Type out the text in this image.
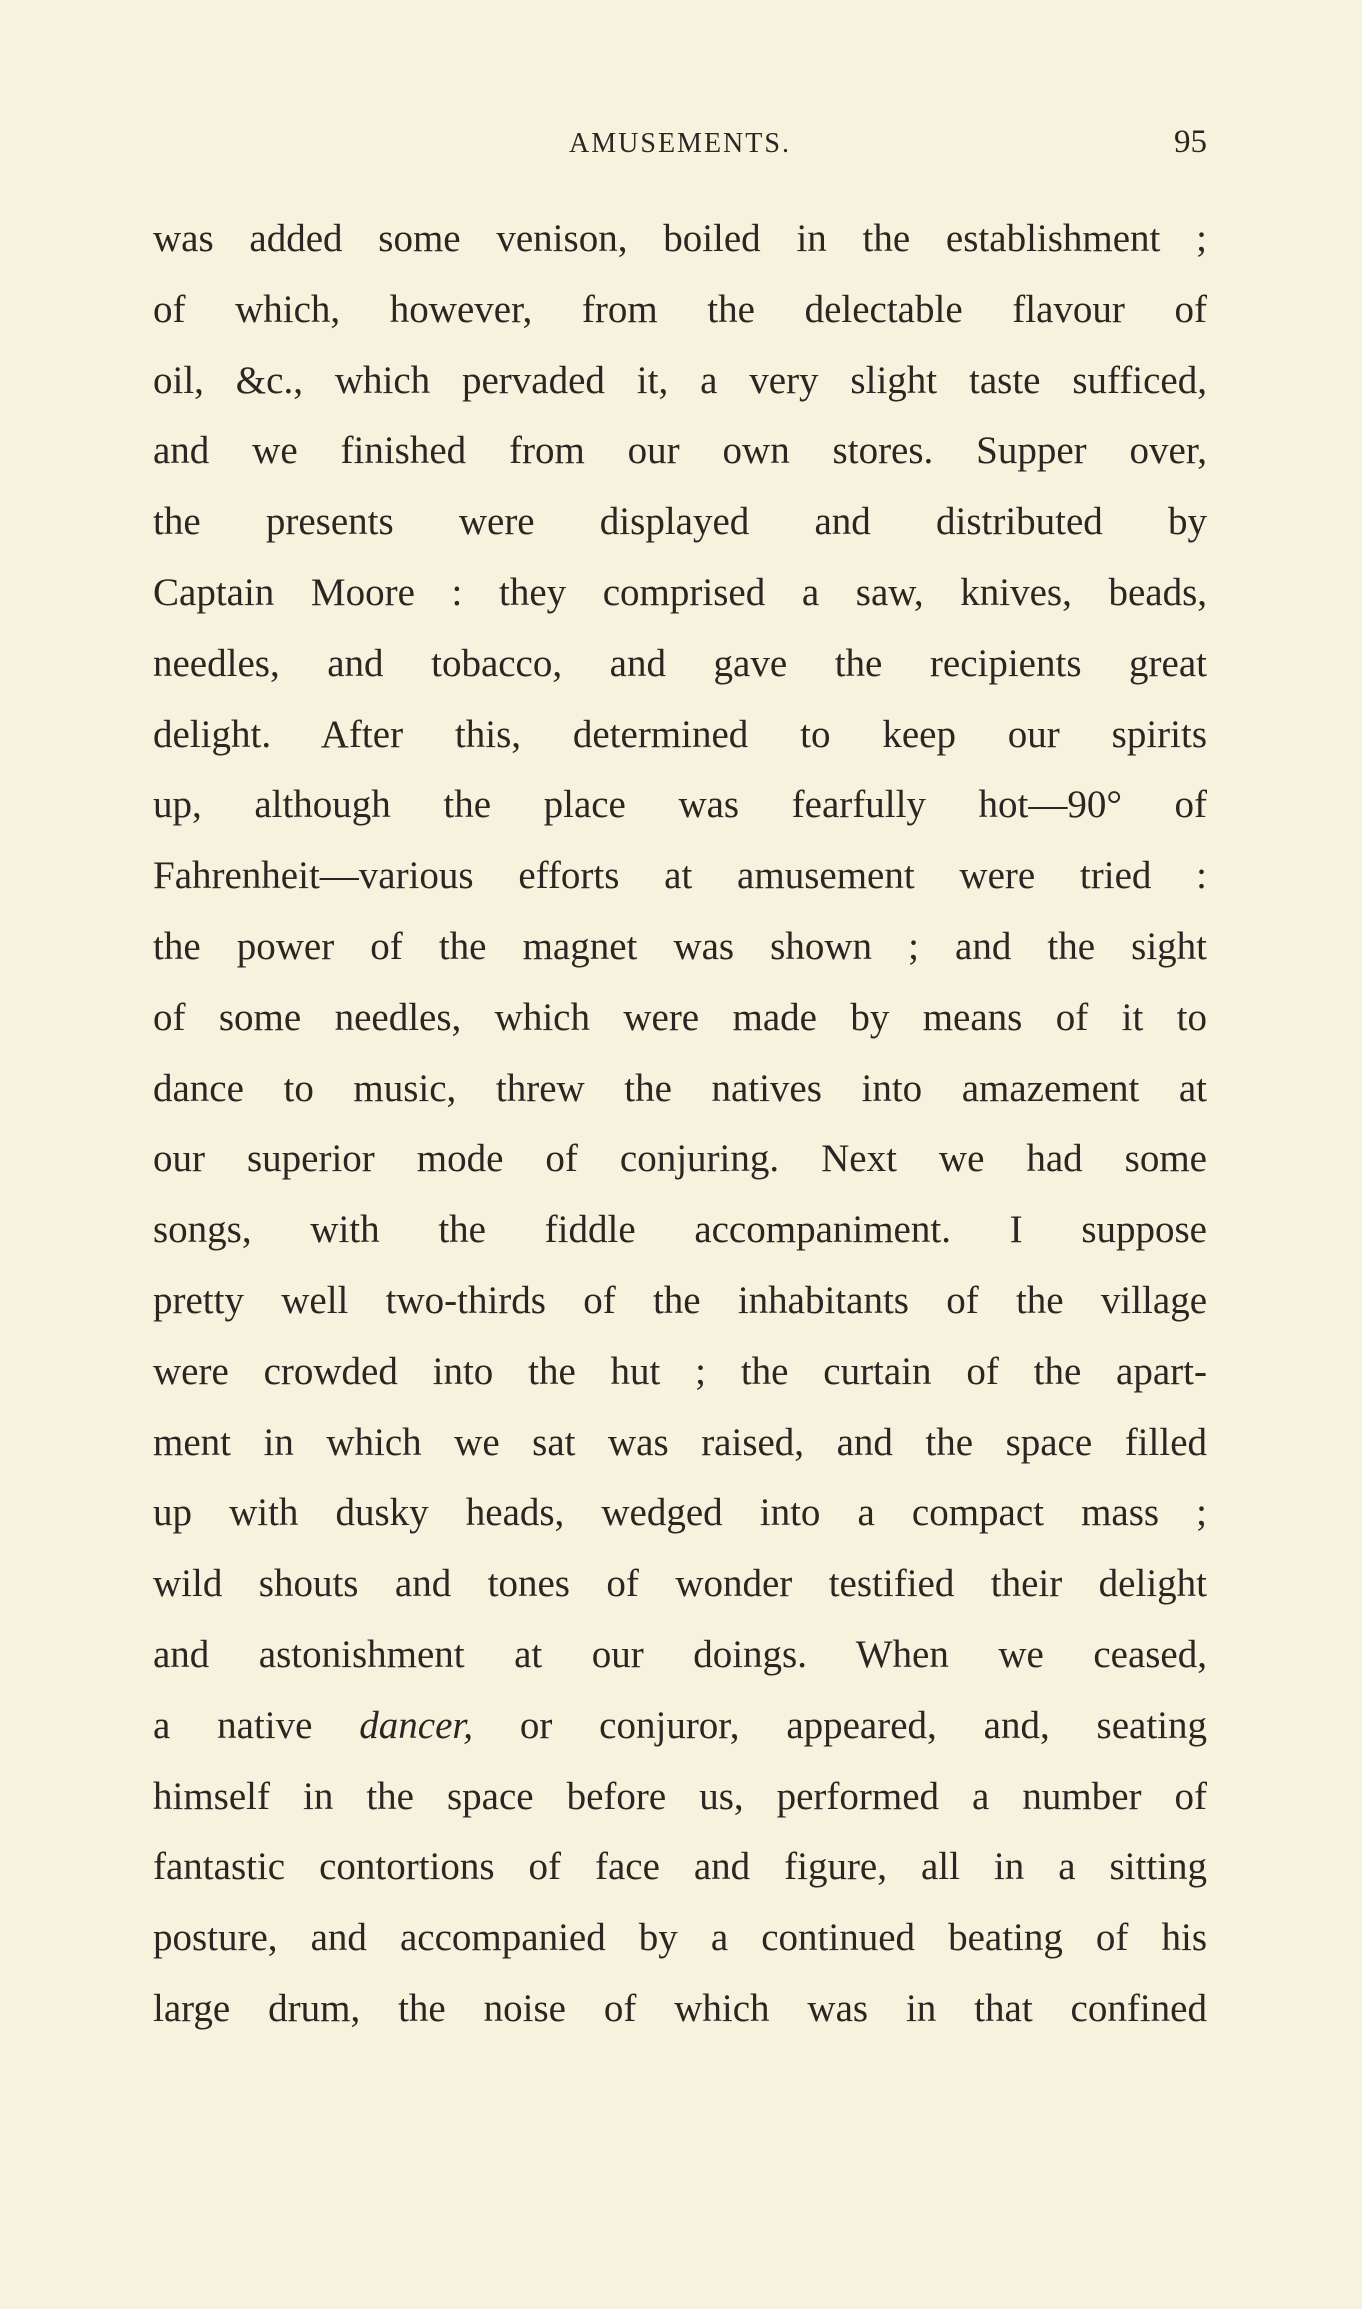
AMUSEMENTS.	95
was added some venison, boiled in the establishment ;
of which, however, from the delectable flavour of
oil, &c., which pervaded it, a very slight taste sufficed,
and we finished from our own stores. Supper over,
the presents were displayed and distributed by
Captain Moore : they comprised a saw, knives, beads,
needles, and tobacco, and gave the recipients great
delight. After this, determined to keep our spirits
up, although the place was fearfully hot—90° of
Fahrenheit—various efforts at amusement were tried :
the power of the magnet was shown ; and the sight
of some needles, which were made by means of it to
dance to music, threw the natives into amazement at
our superior mode of conjuring. Next we had some
songs, with the fiddle accompaniment. I suppose
pretty well two-thirds of the inhabitants of the village
were crowded into the hut ; the curtain of the apart-
ment in which we sat was raised, and the space filled
up with dusky heads, wedged into a compact mass ;
wild shouts and tones of wonder testified their delight
and astonishment at our doings. When we ceased,
a native dancer, or conjuror, appeared, and, seating
himself in the space before us, performed a number of
fantastic contortions of face and figure, all in a sitting
posture, and accompanied by a continued beating of his
large drum, the noise of which was in that confined
